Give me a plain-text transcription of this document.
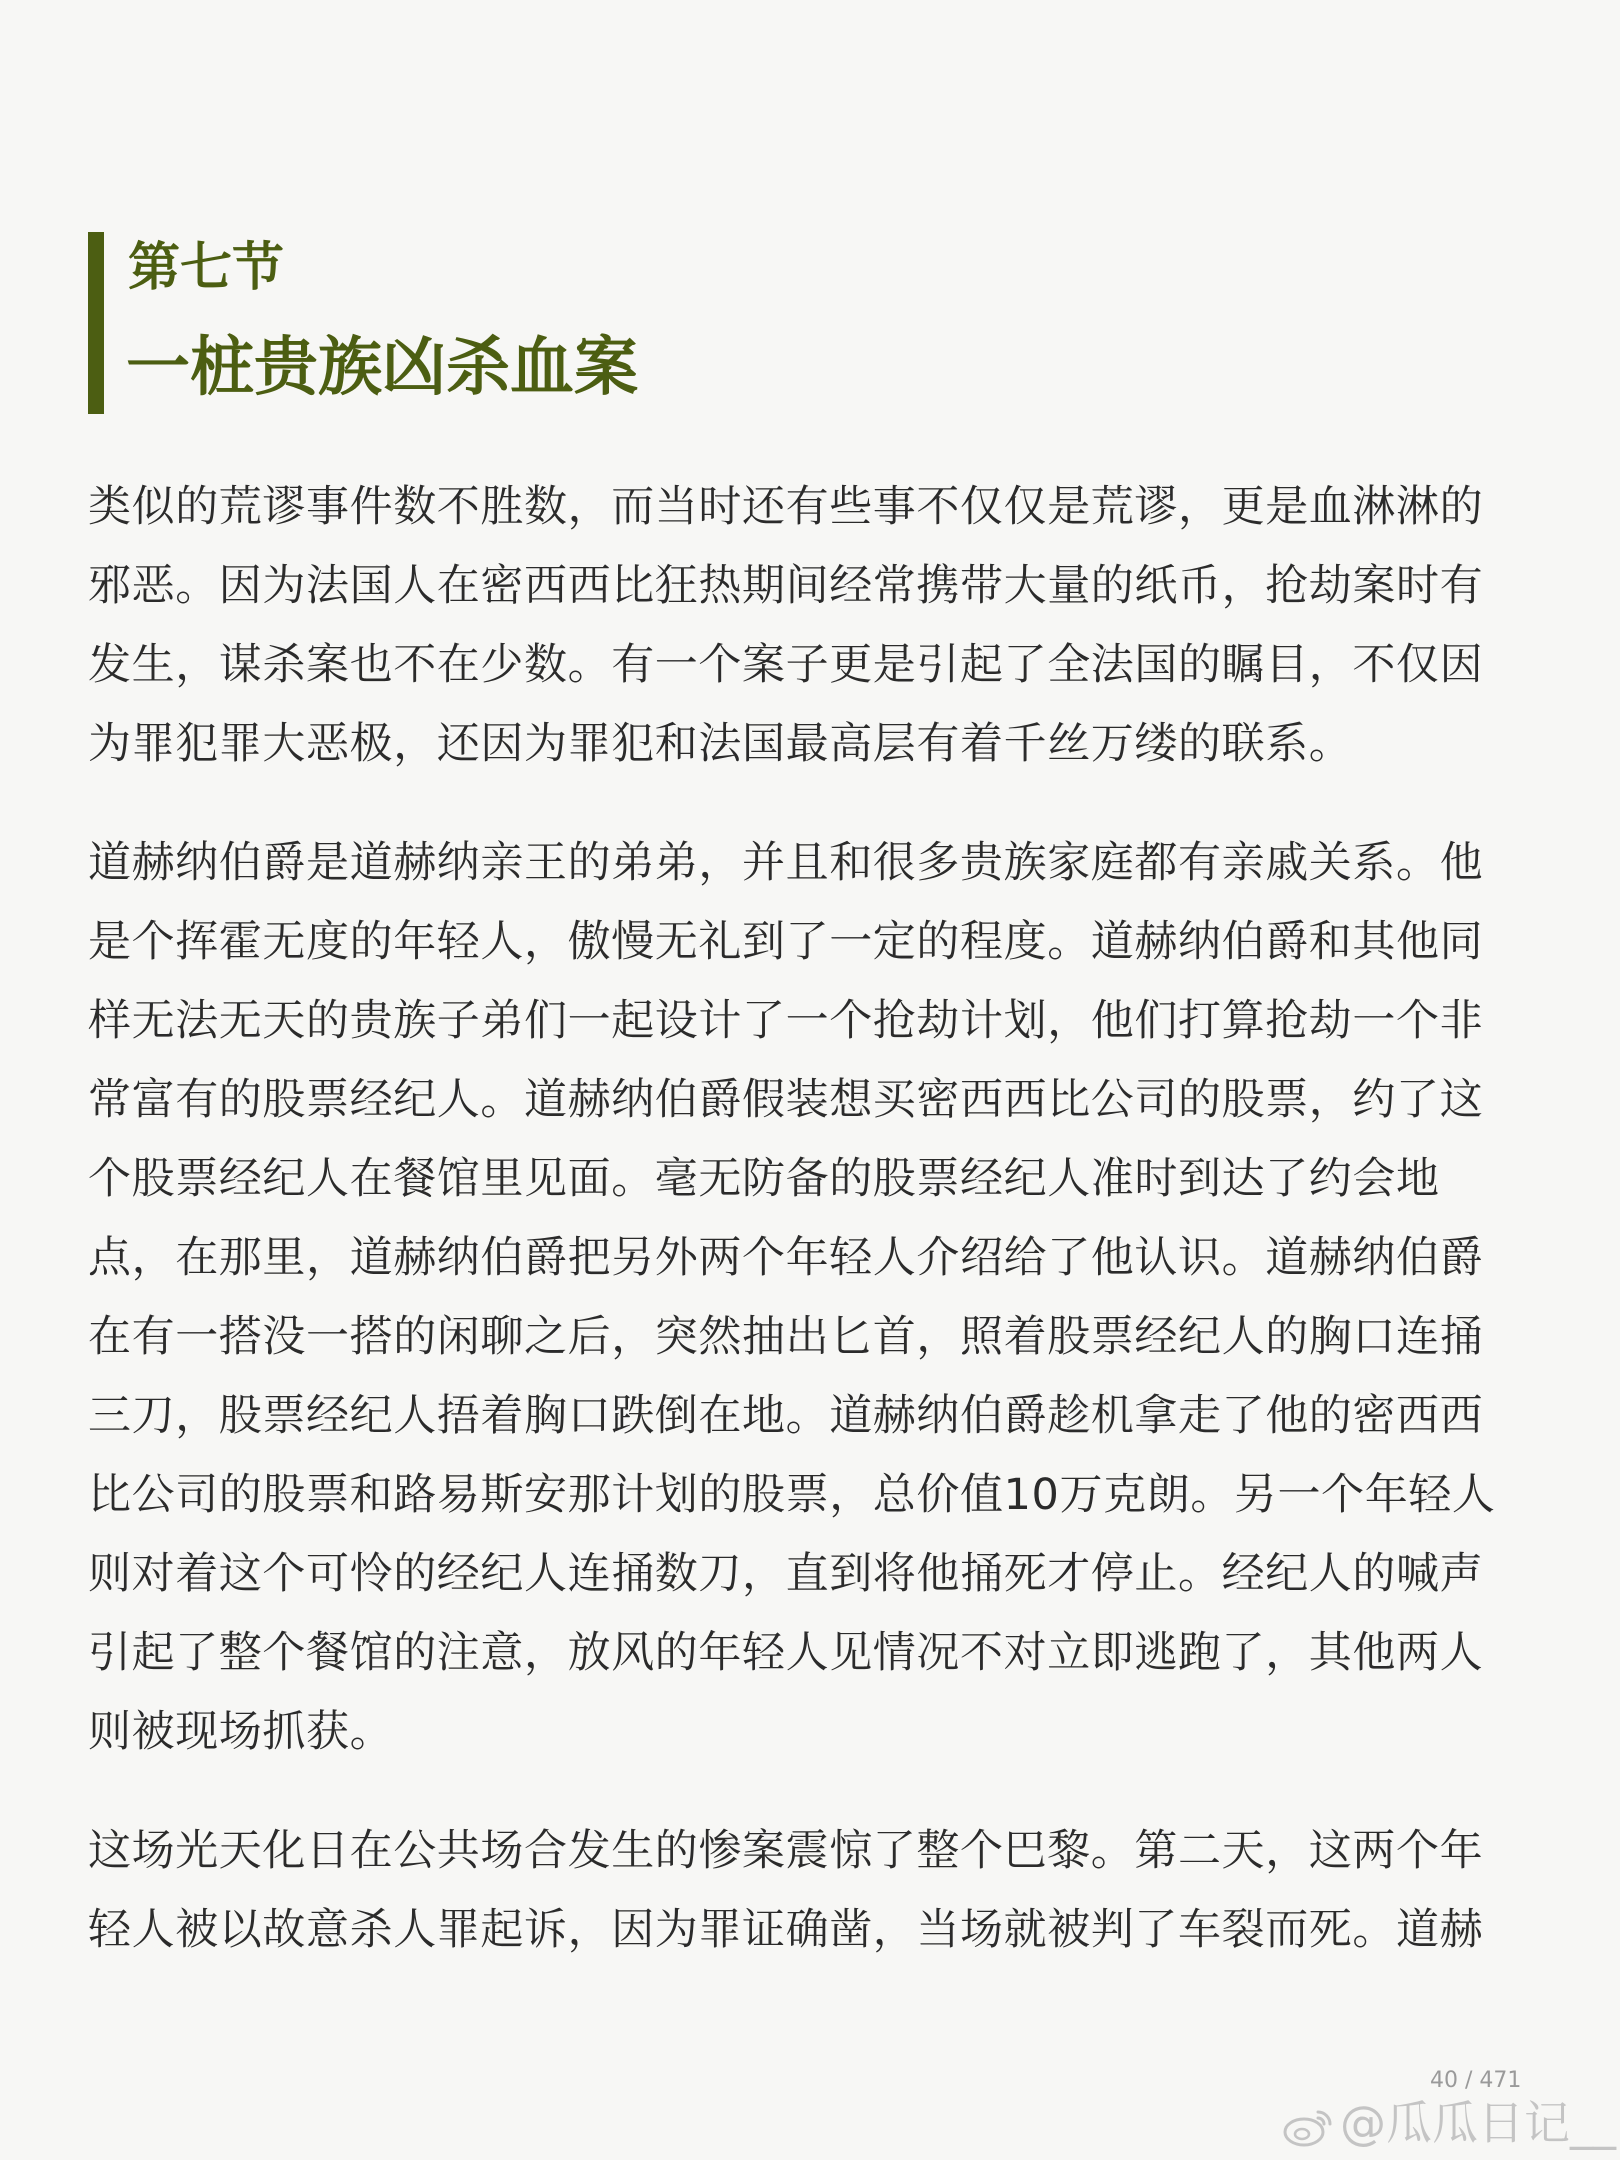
第七节
一桩贵族凶杀血案
类似的荒谬事件数不胜数，而当时还有些事不仅仅是荒谬，更是血淋淋的
邪恶。因为法国人在密西西比狂热期间经常携带大量的纸币，抢劫案时有
发生，谋杀案也不在少数。有一个案子更是引起了全法国的瞩目，不仅因
为罪犯罪大恶极，还因为罪犯和法国最高层有着千丝万缕的联系。
道赫纳伯爵是道赫纳亲王的弟弟，并且和很多贵族家庭都有亲戚关系。他
是个挥霍无度的年轻人，傲慢无礼到了一定的程度。道赫纳伯爵和其他同
样无法无天的贵族子弟们一起设计了一个抢劫计划，他们打算抢劫一个非
常富有的股票经纪人。道赫纳伯爵假装想买密西西比公司的股票，约了这
个股票经纪人在餐馆里见面。毫无防备的股票经纪人准时到达了约会地
点，在那里，道赫纳伯爵把另外两个年轻人介绍给了他认识。道赫纳伯爵
在有一搭没一搭的闲聊之后，突然抽出匕首，照着股票经纪人的胸口连捅
三刀，股票经纪人捂着胸口跌倒在地。道赫纳伯爵趁机拿走了他的密西西
比公司的股票和路易斯安那计划的股票，总价值10万克朗。另一个年轻人
则对着这个可怜的经纪人连捅数刀，直到将他捅死才停止。经纪人的喊声
引起了整个餐馆的注意，放风的年轻人见情况不对立即逃跑了，其他两人
则被现场抓获。
这场光天化日在公共场合发生的惨案震惊了整个巴黎。第二天，这两个年
轻人被以故意杀人罪起诉，因为罪证确凿，当场就被判了车裂而死。道赫
40 / 471
@瓜瓜日记__
